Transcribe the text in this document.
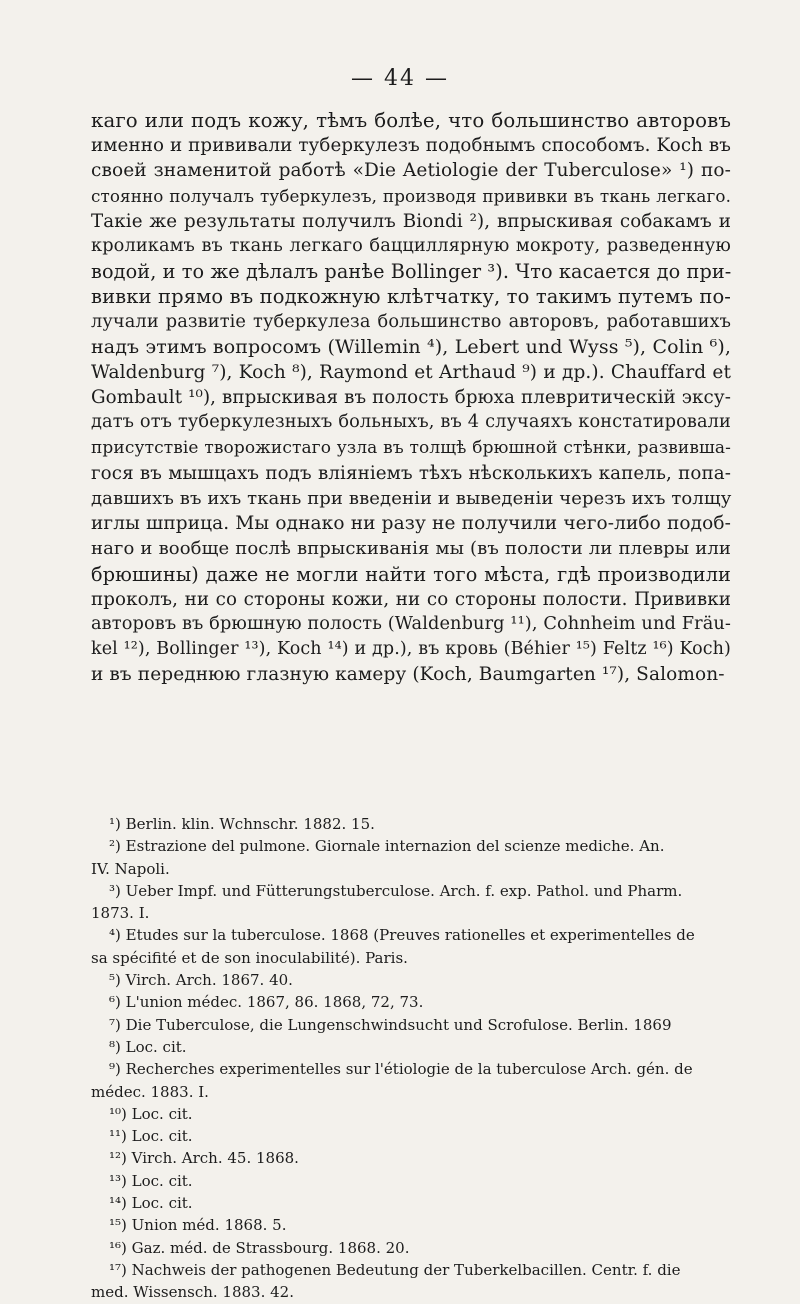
— 44 —
каго или подъ кожу, тѣмъ болѣе, что большинство авторовъ
именно и прививали туберкулезъ подобнымъ способомъ. Koch въ
своей знаменитой работѣ «Die Aetiologie der Tuberculose» ¹) по-
стоянно получалъ туберкулезъ, производя прививки въ ткань легкаго.
Такіе же результаты получилъ Biondi ²), впрыскивая собакамъ и
кроликамъ въ ткань легкаго бацциллярную мокроту, разведенную
водой, и то же дѣлалъ ранѣе Bollinger ³). Что касается до при-
вивки прямо въ подкожную клѣтчатку, то такимъ путемъ по-
лучали развитіе туберкулеза большинство авторовъ, работавшихъ
надъ этимъ вопросомъ (Willemin ⁴), Lebert und Wyss ⁵), Colin ⁶),
Waldenburg ⁷), Koch ⁸), Raymond et Arthaud ⁹) и др.). Chauffard et
Gombault ¹⁰), впрыскивая въ полость брюха плевритическій эксу-
датъ отъ туберкулезныхъ больныхъ, въ 4 случаяхъ констатировали
присутствіе творожистаго узла въ толщѣ брюшной стѣнки, развивша-
гося въ мышцахъ подъ вліяніемъ тѣхъ нѣсколькихъ капель, попа-
давшихъ въ ихъ ткань при введеніи и выведеніи черезъ ихъ толщу
иглы шприца. Мы однако ни разу не получили чего-либо подоб-
наго и вообще послѣ впрыскиванія мы (въ полости ли плевры или
брюшины) даже не могли найти того мѣста, гдѣ производили
проколъ, ни со стороны кожи, ни со стороны полости. Прививки
авторовъ въ брюшную полость (Waldenburg ¹¹), Cohnheim und Fräu-
kel ¹²), Bollinger ¹³), Koch ¹⁴) и др.), въ кровь (Béhier ¹⁵) Feltz ¹⁶) Koch)
и въ переднюю глазную камеру (Koch, Baumgarten ¹⁷), Salomon-
¹) Berlin. klin. Wchnschr. 1882. 15.
²) Estrazione del pulmone. Giornale internazion del scienze mediche. An.
IV. Napoli.
³) Ueber Impf. und Fütterungstuberculose. Arch. f. exp. Pathol. und Pharm.
1873. I.
⁴) Etudes sur la tuberculose. 1868 (Preuves rationelles et experimentelles de
sa spécifité et de son inoculabilité). Paris.
⁵) Virch. Arch. 1867. 40.
⁶) L'union médec. 1867, 86. 1868, 72, 73.
⁷) Die Tuberculose, die Lungenschwindsucht und Scrofulose. Berlin. 1869
⁸) Loc. cit.
⁹) Recherches experimentelles sur l'étiologie de la tuberculose Arch. gén. de
médec. 1883. I.
¹⁰) Loc. cit.
¹¹) Loc. cit.
¹²) Virch. Arch. 45. 1868.
¹³) Loc. cit.
¹⁴) Loc. cit.
¹⁵) Union méd. 1868. 5.
¹⁶) Gaz. méd. de Strassbourg. 1868. 20.
¹⁷) Nachweis der pathogenen Bedeutung der Tuberkelbacillen. Centr. f. die
med. Wissensch. 1883. 42.
